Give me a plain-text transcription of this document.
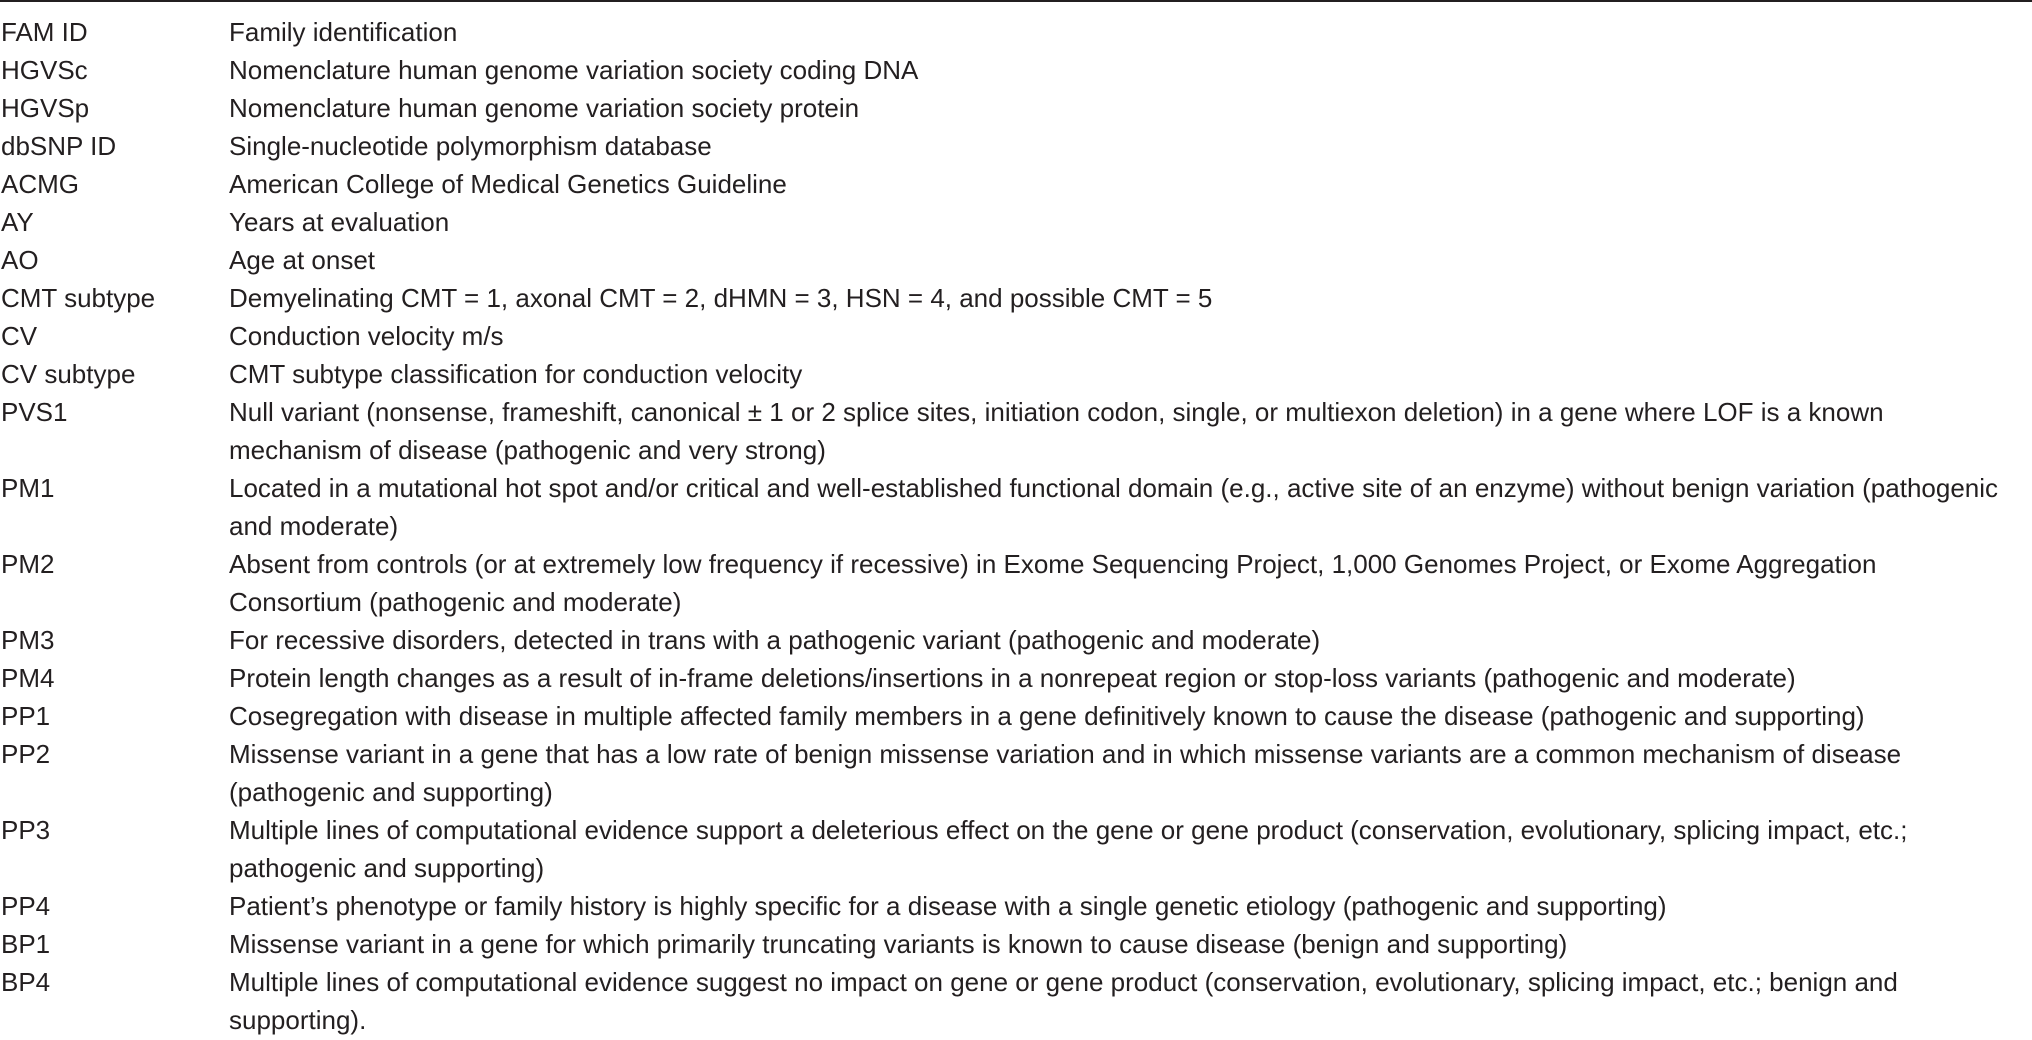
FAM ID	Family identification
HGVSc	Nomenclature human genome variation society coding DNA
HGVSp	Nomenclature human genome variation society protein
dbSNP ID	Single-nucleotide polymorphism database
ACMG	American College of Medical Genetics Guideline
AY	Years at evaluation
AO	Age at onset
CMT subtype	Demyelinating CMT = 1, axonal CMT = 2, dHMN = 3, HSN = 4, and possible CMT = 5
CV	Conduction velocity m/s
CV subtype	CMT subtype classification for conduction velocity
PVS1	Null variant (nonsense, frameshift, canonical ± 1 or 2 splice sites, initiation codon, single, or multiexon deletion) in a gene where LOF is a known mechanism of disease (pathogenic and very strong)
PM1	Located in a mutational hot spot and/or critical and well-established functional domain (e.g., active site of an enzyme) without benign variation (pathogenic and moderate)
PM2	Absent from controls (or at extremely low frequency if recessive) in Exome Sequencing Project, 1,000 Genomes Project, or Exome Aggregation Consortium (pathogenic and moderate)
PM3	For recessive disorders, detected in trans with a pathogenic variant (pathogenic and moderate)
PM4	Protein length changes as a result of in-frame deletions/insertions in a nonrepeat region or stop-loss variants (pathogenic and moderate)
PP1	Cosegregation with disease in multiple affected family members in a gene definitively known to cause the disease (pathogenic and supporting)
PP2	Missense variant in a gene that has a low rate of benign missense variation and in which missense variants are a common mechanism of disease (pathogenic and supporting)
PP3	Multiple lines of computational evidence support a deleterious effect on the gene or gene product (conservation, evolutionary, splicing impact, etc.; pathogenic and supporting)
PP4	Patient’s phenotype or family history is highly specific for a disease with a single genetic etiology (pathogenic and supporting)
BP1	Missense variant in a gene for which primarily truncating variants is known to cause disease (benign and supporting)
BP4	Multiple lines of computational evidence suggest no impact on gene or gene product (conservation, evolutionary, splicing impact, etc.; benign and supporting).
